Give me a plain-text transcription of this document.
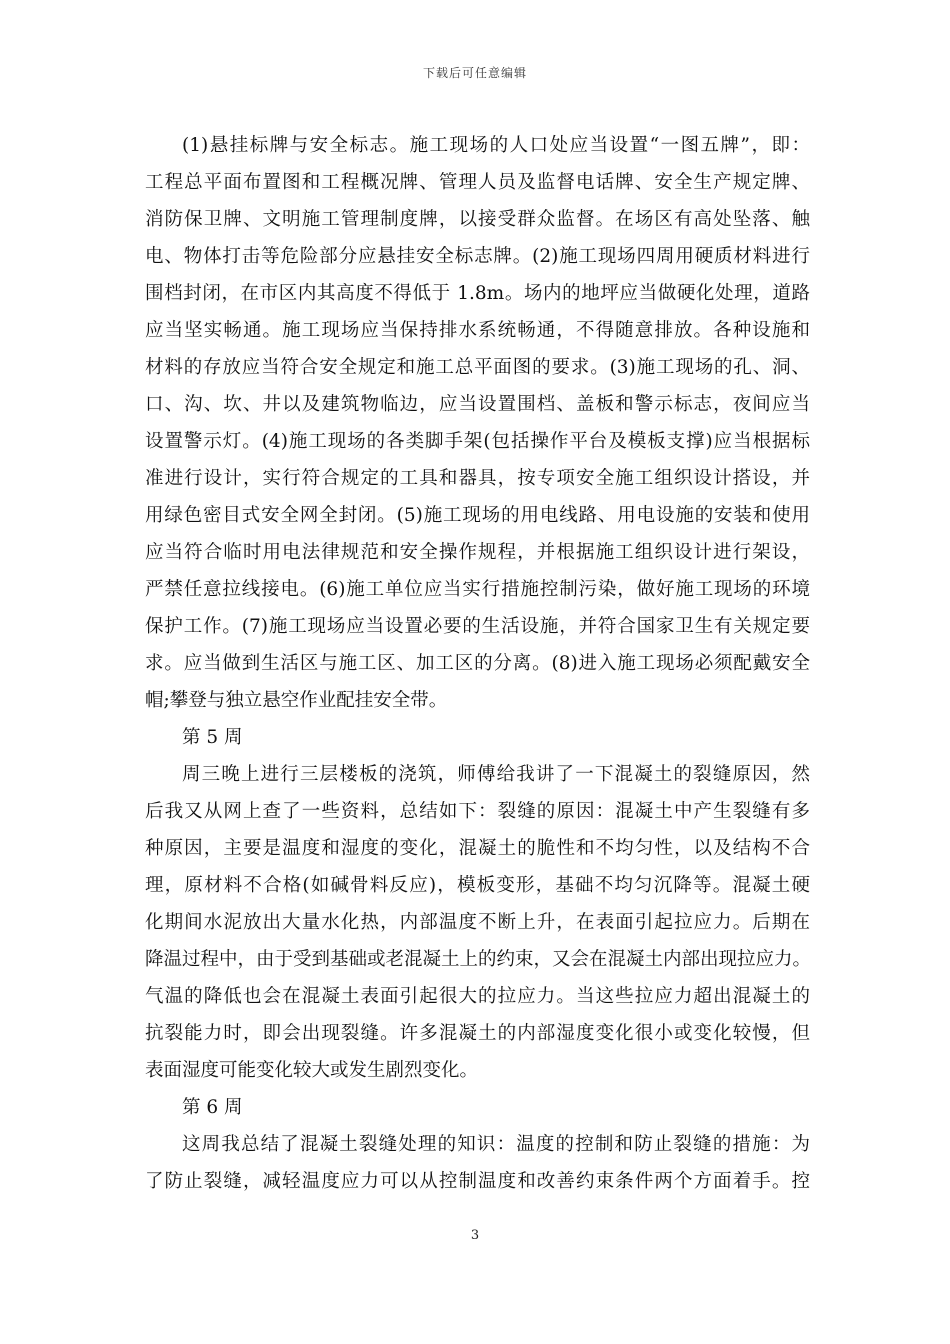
下载后可任意编辑
(1)悬挂标牌与安全标志。施工现场的人口处应当设置“一图五牌”，即：
工程总平面布置图和工程概况牌、管理人员及监督电话牌、安全生产规定牌、
消防保卫牌、文明施工管理制度牌，以接受群众监督。在场区有高处坠落、触
电、物体打击等危险部分应悬挂安全标志牌。(2)施工现场四周用硬质材料进行
围档封闭，在市区内其高度不得低于 1.8m。场内的地坪应当做硬化处理，道路
应当坚实畅通。施工现场应当保持排水系统畅通，不得随意排放。各种设施和
材料的存放应当符合安全规定和施工总平面图的要求。(3)施工现场的孔、洞、
口、沟、坎、井以及建筑物临边，应当设置围档、盖板和警示标志，夜间应当
设置警示灯。(4)施工现场的各类脚手架(包括操作平台及模板支撑)应当根据标
准进行设计，实行符合规定的工具和器具，按专项安全施工组织设计搭设，并
用绿色密目式安全网全封闭。(5)施工现场的用电线路、用电设施的安装和使用
应当符合临时用电法律规范和安全操作规程，并根据施工组织设计进行架设，
严禁任意拉线接电。(6)施工单位应当实行措施控制污染，做好施工现场的环境
保护工作。(7)施工现场应当设置必要的生活设施，并符合国家卫生有关规定要
求。应当做到生活区与施工区、加工区的分离。(8)进入施工现场必须配戴安全
帽;攀登与独立悬空作业配挂安全带。
第 5 周
周三晚上进行三层楼板的浇筑，师傅给我讲了一下混凝土的裂缝原因，然
后我又从网上查了一些资料，总结如下：裂缝的原因：混凝土中产生裂缝有多
种原因，主要是温度和湿度的变化，混凝土的脆性和不均匀性，以及结构不合
理，原材料不合格(如碱骨料反应)，模板变形，基础不均匀沉降等。混凝土硬
化期间水泥放出大量水化热，内部温度不断上升，在表面引起拉应力。后期在
降温过程中，由于受到基础或老混凝土上的约束，又会在混凝土内部出现拉应力。
气温的降低也会在混凝土表面引起很大的拉应力。当这些拉应力超出混凝土的
抗裂能力时，即会出现裂缝。许多混凝土的内部湿度变化很小或变化较慢，但
表面湿度可能变化较大或发生剧烈变化。
第 6 周
这周我总结了混凝土裂缝处理的知识：温度的控制和防止裂缝的措施：为
了防止裂缝，减轻温度应力可以从控制温度和改善约束条件两个方面着手。控
3
